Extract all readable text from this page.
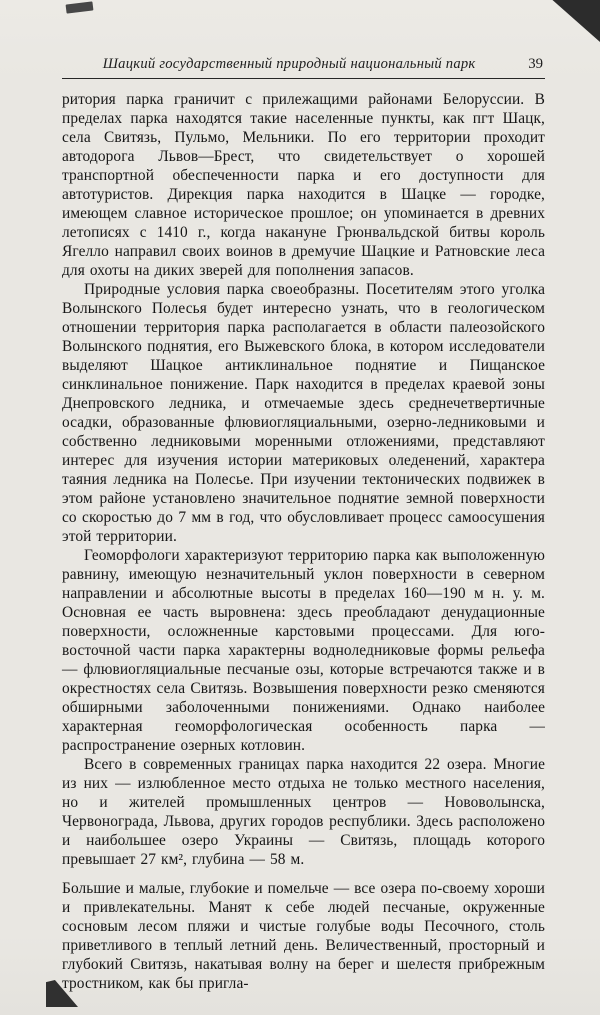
Шацкий государственный природный национальный парк	39

ритория парка граничит с прилежащими районами Белоруссии. В пределах парка находятся такие населенные пункты, как пгт Шацк, села Свитязь, Пульмо, Мельники. По его территории проходит автодорога Львов—Брест, что свидетельствует о хорошей транспортной обеспеченности парка и его доступности для автотуристов. Дирекция парка находится в Шацке — городке, имеющем славное историческое прошлое; он упоминается в древних летописях с 1410 г., когда накануне Грюнвальдской битвы король Ягелло направил своих воинов в дремучие Шацкие и Ратновские леса для охоты на диких зверей для пополнения запасов.

Природные условия парка своеобразны. Посетителям этого уголка Волынского Полесья будет интересно узнать, что в геологическом отношении территория парка располагается в области палеозойского Волынского поднятия, его Выжевского блока, в котором исследователи выделяют Шацкое антиклинальное поднятие и Пищанское синклинальное понижение. Парк находится в пределах краевой зоны Днепровского ледника, и отмечаемые здесь среднечетвертичные осадки, образованные флювиогляциальными, озерно-ледниковыми и собственно ледниковыми моренными отложениями, представляют интерес для изучения истории материковых оледенений, характера таяния ледника на Полесье. При изучении тектонических подвижек в этом районе установлено значительное поднятие земной поверхности со скоростью до 7 мм в год, что обусловливает процесс самоосушения этой территории.

Геоморфологи характеризуют территорию парка как выположенную равнину, имеющую незначительный уклон поверхности в северном направлении и абсолютные высоты в пределах 160—190 м н. у. м. Основная ее часть выровнена: здесь преобладают денудационные поверхности, осложненные карстовыми процессами. Для юго-восточной части парка характерны водноледниковые формы рельефа — флювиогляциальные песчаные озы, которые встречаются также и в окрестностях села Свитязь. Возвышения поверхности резко сменяются обширными заболоченными понижениями. Однако наиболее характерная геоморфологическая особенность парка — распространение озерных котловин.

Всего в современных границах парка находится 22 озера. Многие из них — излюбленное место отдыха не только местного населения, но и жителей промышленных центров — Нововолынска, Червонограда, Львова, других городов республики. Здесь расположено и наибольшее озеро Украины — Свитязь, площадь которого превышает 27 км², глубина — 58 м.

Большие и малые, глубокие и помельче — все озера по-своему хороши и привлекательны. Манят к себе людей песчаные, окруженные сосновым лесом пляжи и чистые голубые воды Песочного, столь приветливого в теплый летний день. Величественный, просторный и глубокий Свитязь, накатывая волну на берег и шелестя прибрежным тростником, как бы пригла-
